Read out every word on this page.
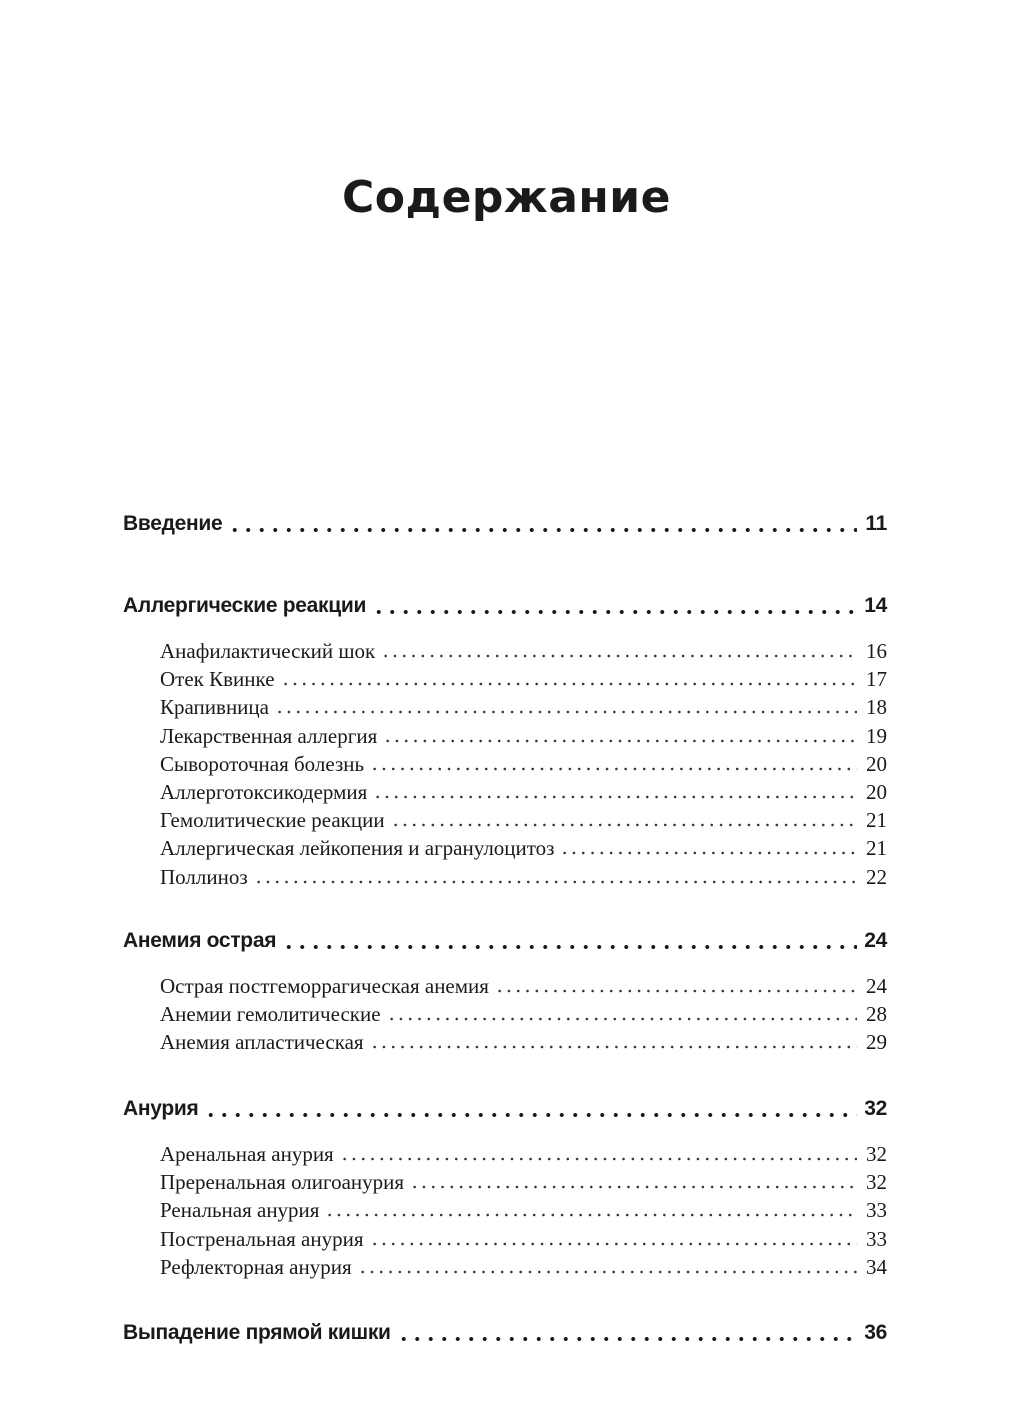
Содержание
Введение	11
Аллергические реакции	14
Анафилактический шок	16
Отек Квинке	17
Крапивница	18
Лекарственная аллергия	19
Сывороточная болезнь	20
Аллерготоксикодермия	20
Гемолитические реакции	21
Аллергическая лейкопения и агранулоцитоз	21
Поллиноз	22
Анемия острая	24
Острая постгеморрагическая анемия	24
Анемии гемолитические	28
Анемия апластическая	29
Анурия	32
Аренальная анурия	32
Преренальная олигоанурия	32
Ренальная анурия	33
Постренальная анурия	33
Рефлекторная анурия	34
Выпадение прямой кишки	36
